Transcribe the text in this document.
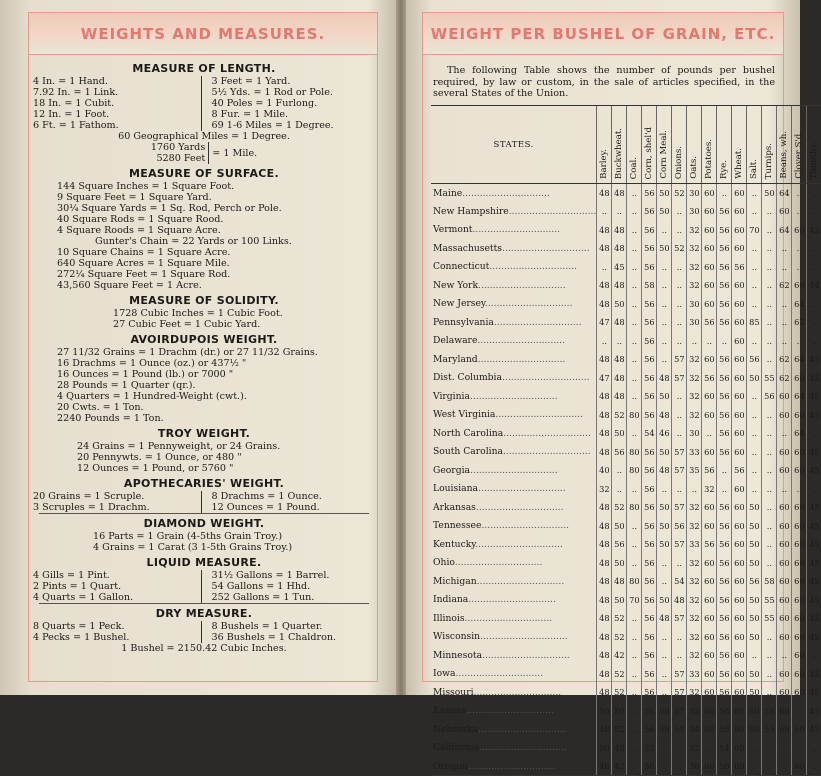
WEIGHTS AND MEASURES.
MEASURE OF LENGTH.
4 In. = 1 Hand.
7.92 In. = 1 Link.
18 In. = 1 Cubit.
12 In. = 1 Foot.
6 Ft. = 1 Fathom.
3 Feet = 1 Yard.
5½ Yds. = 1 Rod or Pole.
40 Poles = 1 Furlong.
8 Fur. = 1 Mile.
69 1-6 Miles = 1 Degree.
60 Geographical Miles = 1 Degree.
1760 Yards
5280 Feet = 1 Mile.
MEASURE OF SURFACE.
144 Square Inches = 1 Square Foot.
9 Square Feet = 1 Square Yard.
30¼ Square Yards = 1 Sq. Rod, Perch or Pole.
40 Square Rods = 1 Square Rood.
4 Square Roods = 1 Square Acre.
Gunter's Chain = 22 Yards or 100 Links.
10 Square Chains = 1 Square Acre.
640 Square Acres = 1 Square Mile.
272¼ Square Feet = 1 Square Rod.
43,560 Square Feet = 1 Acre.
MEASURE OF SOLIDITY.
1728 Cubic Inches = 1 Cubic Foot.
27 Cubic Feet = 1 Cubic Yard.
AVOIRDUPOIS WEIGHT.
27 11/32 Grains = 1 Drachm (dr.) or 27 11/32 Grains.
16 Drachms = 1 Ounce (oz.) or 437½ "
16 Ounces = 1 Pound (lb.) or 7000 "
28 Pounds = 1 Quarter (qr.).
4 Quarters = 1 Hundred-Weight (cwt.).
20 Cwts. = 1 Ton.
2240 Pounds = 1 Ton.
TROY WEIGHT.
24 Grains = 1 Pennyweight, or 24 Grains.
20 Pennywts. = 1 Ounce, or 480 "
12 Ounces = 1 Pound, or 5760 "
APOTHECARIES' WEIGHT.
20 Grains = 1 Scruple.
3 Scruples = 1 Drachm.
8 Drachms = 1 Ounce.
12 Ounces = 1 Pound.
DIAMOND WEIGHT.
16 Parts = 1 Grain (4-5ths Grain Troy.)
4 Grains = 1 Carat (3 1-5th Grains Troy.)
LIQUID MEASURE.
4 Gills = 1 Pint.
2 Pints = 1 Quart.
4 Quarts = 1 Gallon.
31½ Gallons = 1 Barrel.
54 Gallons = 1 Hhd.
252 Gallons = 1 Tun.
DRY MEASURE.
8 Quarts = 1 Peck.
4 Pecks = 1 Bushel.
8 Bushels = 1 Quarter.
36 Bushels = 1 Chaldron.
1 Bushel = 2150.42 Cubic Inches.
WEIGHT PER BUSHEL OF GRAIN, ETC.

The following Table shows the number of pounds per bushel required, by law or custom, in the sale of articles specified, in the several States of the Union.

STATES.	Barley.	Buckwheat.	Coal.	Corn, shel'd	Corn Meal.	Onions.	Oats.	Potatoes.	Rye.	Wheat.	Salt.	Turnips.	Beans, wh.	Clover S'd.	Timothy.
Maine..............................	48	48	..	56	50	52	30	60	..	60	..	50	64	..	..
New Hampshire..............................	..	..	..	56	50	..	30	60	56	60	..	..	60	..	..
Vermont..............................	48	48	..	56	..	..	32	60	56	60	70	..	64	60	42
Massachusetts..............................	48	48	..	56	50	52	32	60	56	60	..	..	..	..	..
Connecticut..............................	..	45	..	56	..	..	32	60	56	56	..	..	..	..	..
New York..............................	48	48	..	58	..	..	32	60	56	60	..	..	62	60	44
New Jersey..............................	48	50	..	56	..	..	30	60	56	60	..	..	..	64	..
Pennsylvania..............................	47	48	..	56	..	..	30	56	56	60	85	..	..	62	..
Delaware..............................	..	..	..	56	..	..	..	..	..	60	..	..	..	..	..
Maryland..............................	48	48	..	56	..	57	32	60	56	60	56	..	62	64	45
Dist. Columbia..............................	47	48	..	56	48	57	32	56	56	60	50	55	62	60	45
Virginia..............................	48	48	..	56	50	..	32	60	56	60	..	56	60	64	45
West Virginia..............................	48	52	80	56	48	..	32	60	56	60	..	..	60	60	45
North Carolina..............................	48	50	..	54	46	..	30	..	56	60	..	..	..	64	..
South Carolina..............................	48	56	80	56	50	57	33	60	56	60	..	..	60	60	45
Georgia..............................	40	..	80	56	48	57	35	56	..	56	..	..	60	60	45
Louisiana..............................	32	..	..	56	..	..	..	32	..	60	..	..	..	..	..
Arkansas..............................	48	52	80	56	50	57	32	60	56	60	50	..	60	60	45
Tennessee..............................	48	50	..	56	50	56	32	60	56	60	50	..	60	60	45
Kentucky..............................	48	56	..	56	50	57	33	56	56	60	50	..	60	60	45
Ohio..............................	48	50	..	56	..	..	32	60	56	60	50	..	60	60	45
Michigan..............................	48	48	80	56	..	54	32	60	56	60	56	58	60	60	45
Indiana..............................	48	50	70	56	50	48	32	60	56	60	50	55	60	60	45
Illinois..............................	48	52	..	56	48	57	32	60	56	60	50	55	60	60	45
Wisconsin..............................	48	52	..	56	..	..	32	60	56	60	50	..	60	60	45
Minnesota..............................	48	42	..	56	..	..	32	60	56	60	..	..	..	60	..
Iowa..............................	48	52	..	56	..	57	33	60	56	60	50	..	60	60	45
Missouri..............................	48	52	..	56	..	57	32	60	56	60	50	..	60	60	45
Kansas..............................	50	50	..	56	50	57	32	60	56	60	50	55	60	..	45
Nebraska..............................	48	52	..	56	50	57	34	60	56	60	50	55	60	60	45
California..............................	50	40	..	52	..	..	32	..	54	60	..	..	..	..	..
Oregon..............................	46	42	..	56	..	..	36	60	56	60	..	..	..	60	..
